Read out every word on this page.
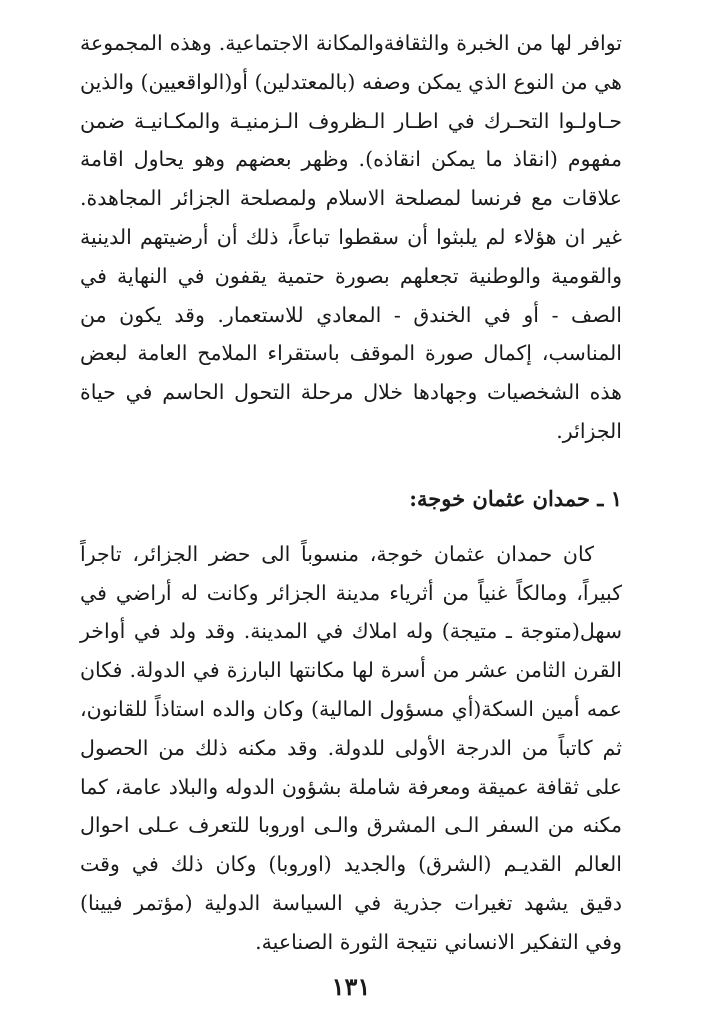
توافر لها من الخبرة والثقافةوالمكانة الاجتماعية. وهذه المجموعة هي من النوع الذي يمكن وصفه (بالمعتدلين) أو(الواقعيين) والذين حـاولـوا التحـرك في اطـار الـظروف الـزمنيـة والمكـانيـة ضمن مفهوم (انقاذ ما يمكن انقاذه). وظهر بعضهم وهو يحاول اقامة علاقات مع فرنسا لمصلحة الاسلام ولمصلحة الجزائر المجاهدة. غير ان هؤلاء لم يلبثوا أن سقطوا تباعاً، ذلك أن أرضيتهم الدينية والقومية والوطنية تجعلهم بصورة حتمية يقفون في النهاية في الصف - أو في الخندق - المعادي للاستعمار. وقد يكون من المناسب، إكمال صورة الموقف باستقراء الملامح العامة لبعض هذه الشخصيات وجهادها خلال مرحلة التحول الحاسم في حياة الجزائر.

١ ـ حمدان عثمان خوجة:

كان حمدان عثمان خوجة، منسوباً الى حضر الجزائر، تاجراً كبيراً، ومالكاً غنياً من أثرياء مدينة الجزائر وكانت له أراضي في سهل(متوجة ـ متيجة) وله املاك في المدينة. وقد ولد في أواخر القرن الثامن عشر من أسرة لها مكانتها البارزة في الدولة. فكان عمه أمين السكة(أي مسؤول المالية) وكان والده استاذاً للقانون، ثم كاتباً من الدرجة الأولى للدولة. وقد مكنه ذلك من الحصول على ثقافة عميقة ومعرفة شاملة بشؤون الدوله والبلاد عامة، كما مكنه من السفر الـى المشرق والـى اوروبا للتعرف عـلى احوال العالم القديـم (الشرق) والجديد (اوروبا) وكان ذلك في وقت دقيق يشهد تغيرات جذرية في السياسة الدولية (مؤتمر فيينا) وفي التفكير الانساني نتيجة الثورة الصناعية.

١٣١
